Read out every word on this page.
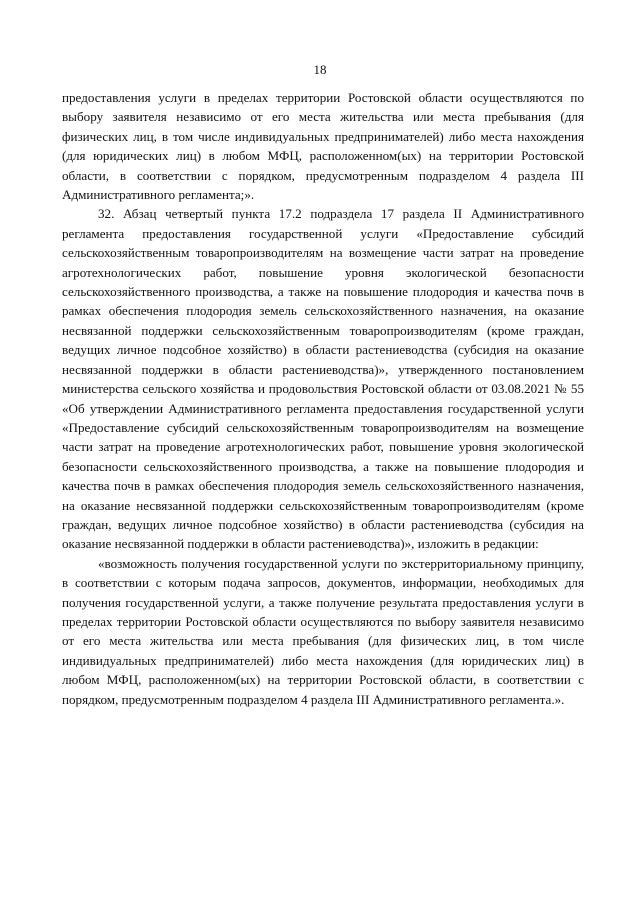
18

предоставления услуги в пределах территории Ростовской области осуществляются по выбору заявителя независимо от его места жительства или места пребывания (для физических лиц, в том числе индивидуальных предпринимателей) либо места нахождения (для юридических лиц) в любом МФЦ, расположенном(ых) на территории Ростовской области, в соответствии с порядком, предусмотренным подразделом 4 раздела III Административного регламента;».

32. Абзац четвертый пункта 17.2 подраздела 17 раздела II Административного регламента предоставления государственной услуги «Предоставление субсидий сельскохозяйственным товаропроизводителям на возмещение части затрат на проведение агротехнологических работ, повышение уровня экологической безопасности сельскохозяйственного производства, а также на повышение плодородия и качества почв в рамках обеспечения плодородия земель сельскохозяйственного назначения, на оказание несвязанной поддержки сельскохозяйственным товаропроизводителям (кроме граждан, ведущих личное подсобное хозяйство) в области растениеводства (субсидия на оказание несвязанной поддержки в области растениеводства)», утвержденного постановлением министерства сельского хозяйства и продовольствия Ростовской области от 03.08.2021 № 55 «Об утверждении Административного регламента предоставления государственной услуги «Предоставление субсидий сельскохозяйственным товаропроизводителям на возмещение части затрат на проведение агротехнологических работ, повышение уровня экологической безопасности сельскохозяйственного производства, а также на повышение плодородия и качества почв в рамках обеспечения плодородия земель сельскохозяйственного назначения, на оказание несвязанной поддержки сельскохозяйственным товаропроизводителям (кроме граждан, ведущих личное подсобное хозяйство) в области растениеводства (субсидия на оказание несвязанной поддержки в области растениеводства)», изложить в редакции:

«возможность получения государственной услуги по экстерриториальному принципу, в соответствии с которым подача запросов, документов, информации, необходимых для получения государственной услуги, а также получение результата предоставления услуги в пределах территории Ростовской области осуществляются по выбору заявителя независимо от его места жительства или места пребывания (для физических лиц, в том числе индивидуальных предпринимателей) либо места нахождения (для юридических лиц) в любом МФЦ, расположенном(ых) на территории Ростовской области, в соответствии с порядком, предусмотренным подразделом 4 раздела III Административного регламента.».
